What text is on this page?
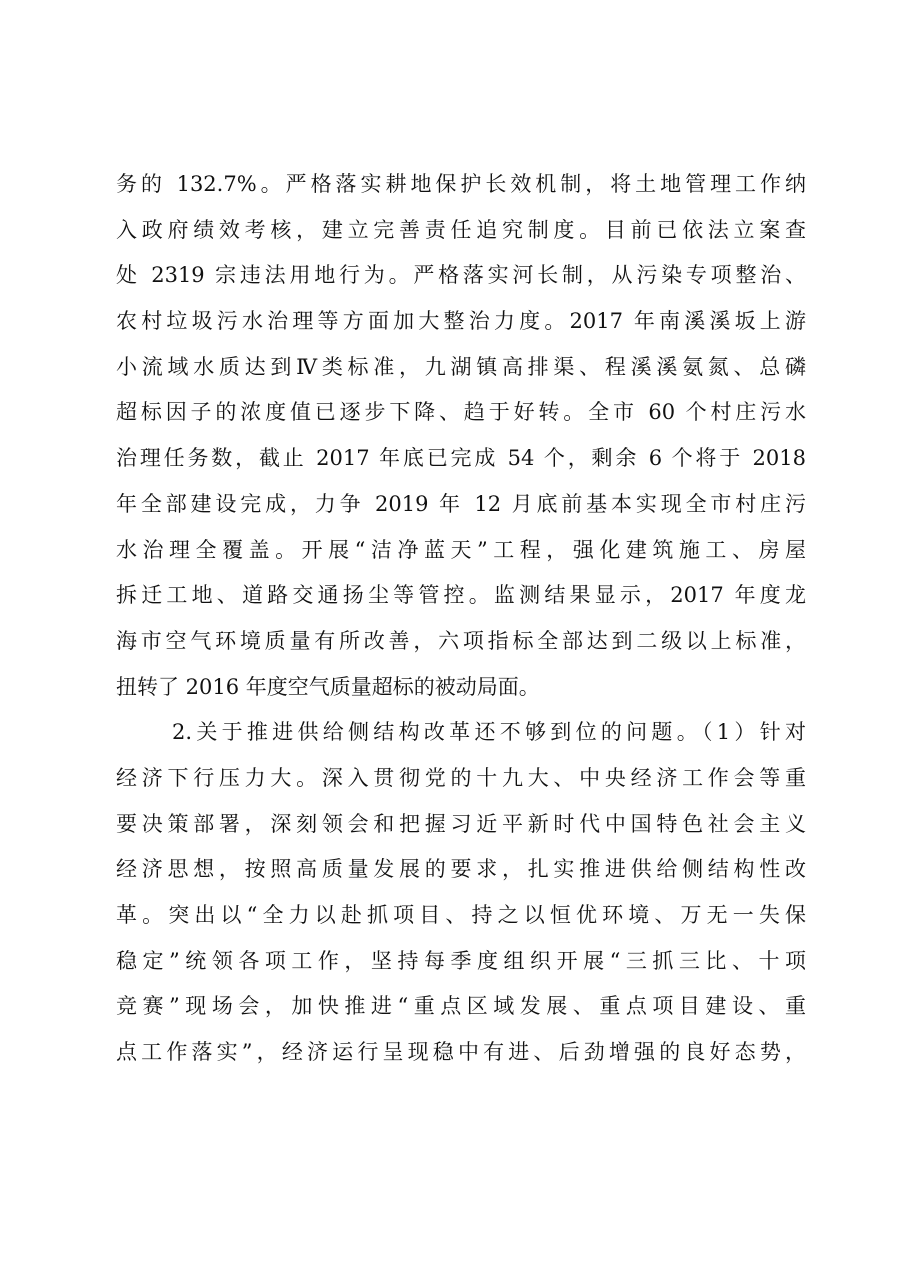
务的 132.7%。严格落实耕地保护长效机制，将土地管理工作纳
入政府绩效考核，建立完善责任追究制度。目前已依法立案查
处 2319 宗违法用地行为。严格落实河长制，从污染专项整治、
农村垃圾污水治理等方面加大整治力度。2017 年南溪溪坂上游
小流域水质达到Ⅳ类标准，九湖镇高排渠、程溪溪氨氮、总磷
超标因子的浓度值已逐步下降、趋于好转。全市 60 个村庄污水
治理任务数，截止 2017 年底已完成 54 个，剩余 6 个将于 2018
年全部建设完成，力争 2019 年 12 月底前基本实现全市村庄污
水治理全覆盖。开展“洁净蓝天”工程，强化建筑施工、房屋
拆迁工地、道路交通扬尘等管控。监测结果显示，2017 年度龙
海市空气环境质量有所改善，六项指标全部达到二级以上标准，
扭转了 2016 年度空气质量超标的被动局面。
2.关于推进供给侧结构改革还不够到位的问题。（1）针对
经济下行压力大。深入贯彻党的十九大、中央经济工作会等重
要决策部署，深刻领会和把握习近平新时代中国特色社会主义
经济思想，按照高质量发展的要求，扎实推进供给侧结构性改
革。突出以“全力以赴抓项目、持之以恒优环境、万无一失保
稳定”统领各项工作，坚持每季度组织开展“三抓三比、十项
竞赛”现场会，加快推进“重点区域发展、重点项目建设、重
点工作落实”，经济运行呈现稳中有进、后劲增强的良好态势，
